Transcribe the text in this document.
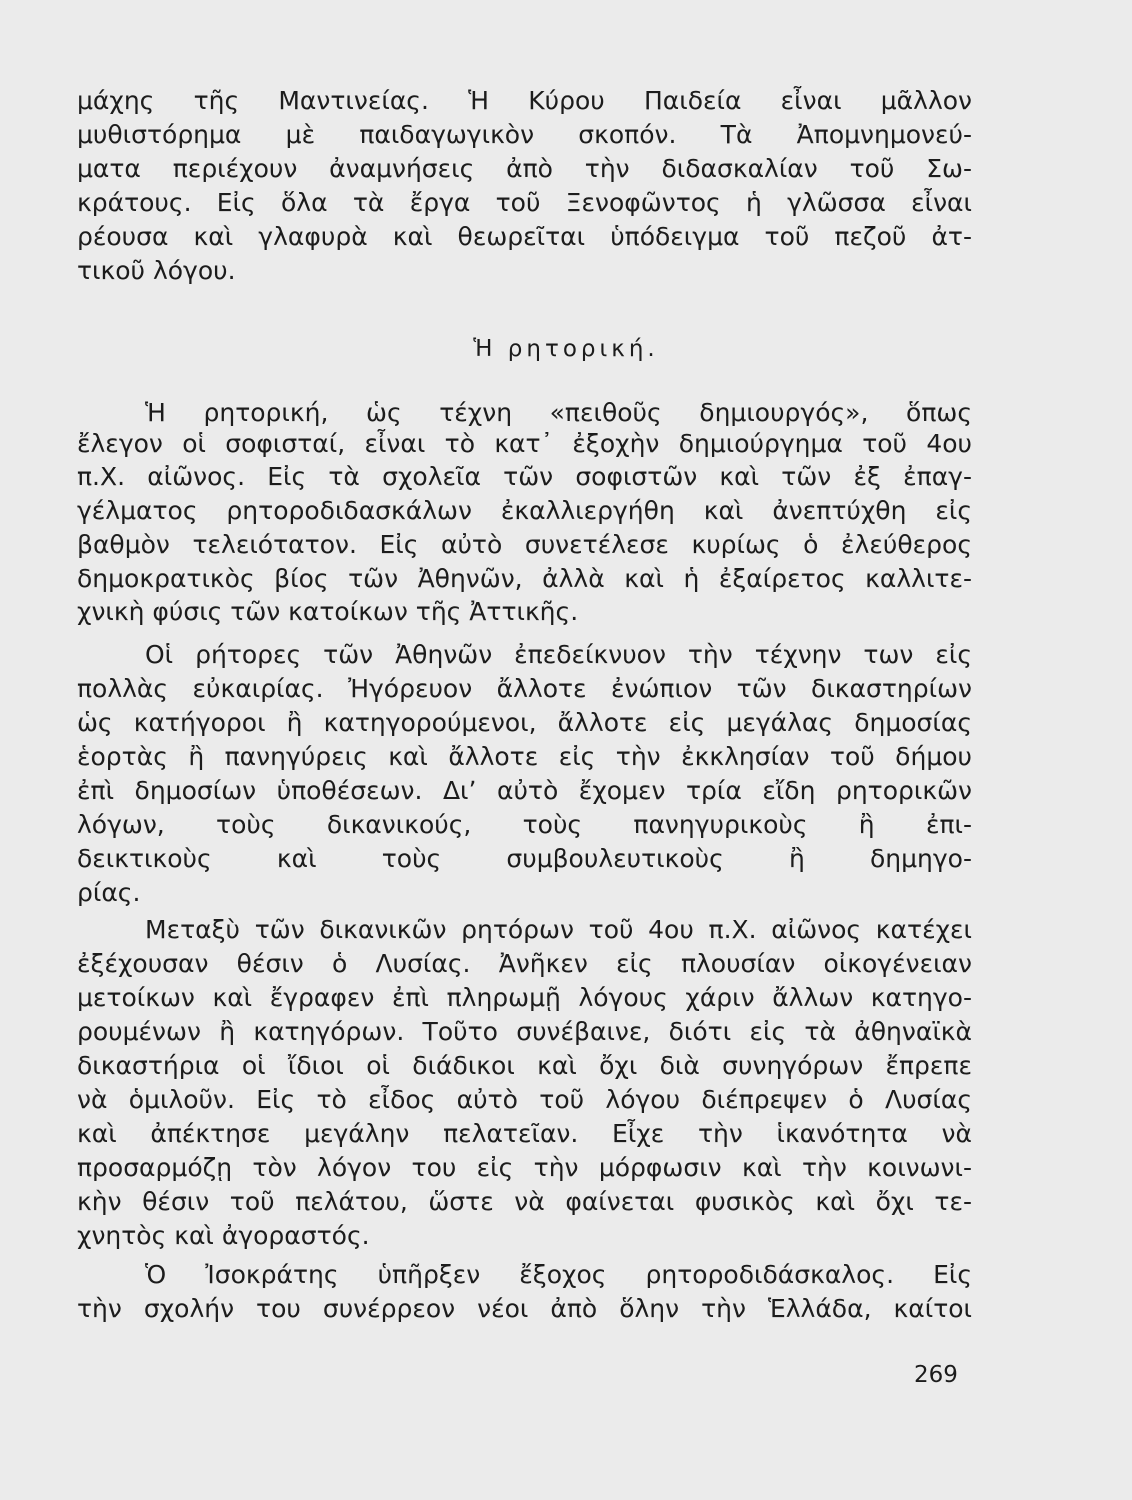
μάχης τῆς Μαντινείας. Ἡ Κύρου Παιδεία εἶναι μᾶλλον
μυθιστόρημα μὲ παιδαγωγικὸν σκοπόν. Τὰ Ἀπομνημονεύ-
ματα περιέχουν ἀναμνήσεις ἀπὸ τὴν διδασκαλίαν τοῦ Σω-
κράτους. Εἰς ὅλα τὰ ἔργα τοῦ Ξενοφῶντος ἡ γλῶσσα εἶναι
ρέουσα καὶ γλαφυρὰ καὶ θεωρεῖται ὑπόδειγμα τοῦ πεζοῦ ἀτ-
τικοῦ λόγου.
Ἡ ρητορική.
Ἡ ρητορική, ὡς τέχνη «πειθοῦς δημιουργός», ὅπως
ἔλεγον οἱ σοφισταί, εἶναι τὸ κατ᾽ ἐξοχὴν δημιούργημα τοῦ 4ου
π.Χ. αἰῶνος. Εἰς τὰ σχολεῖα τῶν σοφιστῶν καὶ τῶν ἐξ ἐπαγ-
γέλματος ρητοροδιδασκάλων ἐκαλλιεργήθη καὶ ἀνεπτύχθη εἰς
βαθμὸν τελειότατον. Εἰς αὐτὸ συνετέλεσε κυρίως ὁ ἐλεύθερος
δημοκρατικὸς βίος τῶν Ἀθηνῶν, ἀλλὰ καὶ ἡ ἐξαίρετος καλλιτε-
χνικὴ φύσις τῶν κατοίκων τῆς Ἀττικῆς.
Οἱ ρήτορες τῶν Ἀθηνῶν ἐπεδείκνυον τὴν τέχνην των εἰς
πολλὰς εὐκαιρίας. Ἠγόρευον ἄλλοτε ἐνώπιον τῶν δικαστηρίων
ὡς κατήγοροι ἢ κατηγορούμενοι, ἄλλοτε εἰς μεγάλας δημοσίας
ἑορτὰς ἢ πανηγύρεις καὶ ἄλλοτε εἰς τὴν ἐκκλησίαν τοῦ δήμου
ἐπὶ δημοσίων ὑποθέσεων. Διʼ αὐτὸ ἔχομεν τρία εἴδη ρητορικῶν
λόγων, τοὺς δικανικούς, τοὺς πανηγυρικοὺς ἢ ἐπι-
δεικτικοὺς καὶ τοὺς συμβουλευτικοὺς ἢ δημηγο-
ρίας.
Μεταξὺ τῶν δικανικῶν ρητόρων τοῦ 4ου π.Χ. αἰῶνος κατέχει
ἐξέχουσαν θέσιν ὁ Λυσίας. Ἀνῆκεν εἰς πλουσίαν οἰκογένειαν
μετοίκων καὶ ἔγραφεν ἐπὶ πληρωμῇ λόγους χάριν ἄλλων κατηγο-
ρουμένων ἢ κατηγόρων. Τοῦτο συνέβαινε, διότι εἰς τὰ ἀθηναϊκὰ
δικαστήρια οἱ ἴδιοι οἱ διάδικοι καὶ ὄχι διὰ συνηγόρων ἔπρεπε
νὰ ὁμιλοῦν. Εἰς τὸ εἶδος αὐτὸ τοῦ λόγου διέπρεψεν ὁ Λυσίας
καὶ ἀπέκτησε μεγάλην πελατεῖαν. Εἶχε τὴν ἱκανότητα νὰ
προσαρμόζῃ τὸν λόγον του εἰς τὴν μόρφωσιν καὶ τὴν κοινωνι-
κὴν θέσιν τοῦ πελάτου, ὥστε νὰ φαίνεται φυσικὸς καὶ ὄχι τε-
χνητὸς καὶ ἀγοραστός.
Ὁ Ἰσοκράτης ὑπῆρξεν ἔξοχος ρητοροδιδάσκαλος. Εἰς
τὴν σχολήν του συνέρρεον νέοι ἀπὸ ὅλην τὴν Ἑλλάδα, καίτοι
269
